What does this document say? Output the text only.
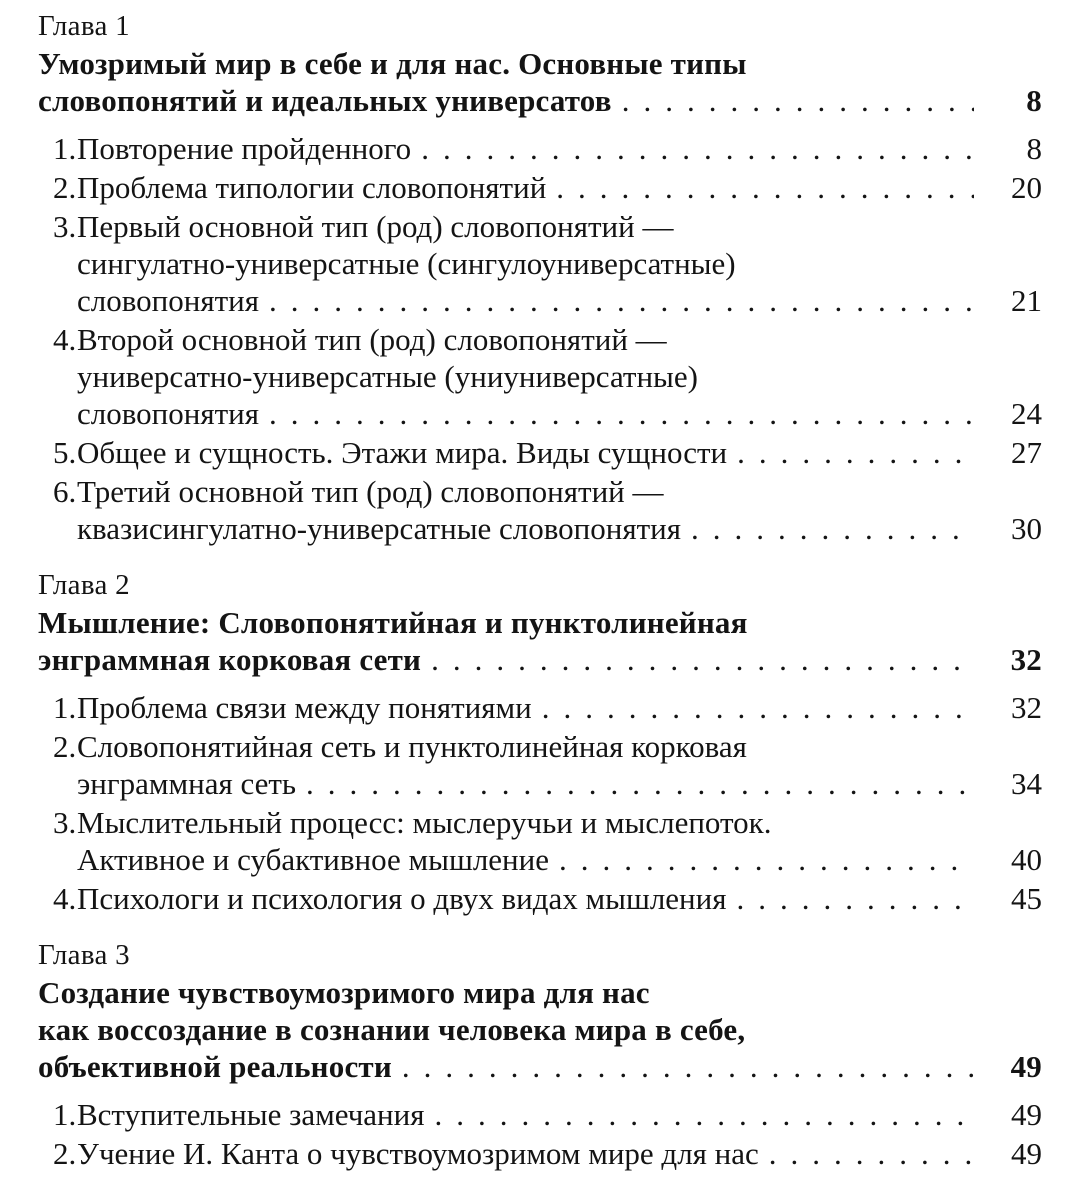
Глава 1
Умозримый мир в себе и для нас. Основные типы
словопонятий и идеальных универсатов .....	8
1. Повторение пройденного .....	8
2. Проблема типологии словопонятий .....	20
3. Первый основной тип (род) словопонятий —
сингулатно-универсатные (сингулоуниверсатные)
словопонятия .....	21
4. Второй основной тип (род) словопонятий —
универсатно-универсатные (униуниверсатные)
словопонятия .....	24
5. Общее и сущность. Этажи мира. Виды сущности .....	27
6. Третий основной тип (род) словопонятий —
квазисингулатно-универсатные словопонятия .....	30
Глава 2
Мышление: Словопонятийная и пунктолинейная
энграммная корковая сети .....	32
1. Проблема связи между понятиями .....	32
2. Словопонятийная сеть и пунктолинейная корковая
энграммная сеть .....	34
3. Мыслительный процесс: мыслеручьи и мыслепоток.
Активное и субактивное мышление .....	40
4. Психологи и психология о двух видах мышления .....	45
Глава 3
Создание чувствоумозримого мира для нас
как воссоздание в сознании человека мира в себе,
объективной реальности .....	49
1. Вступительные замечания .....	49
2. Учение И. Канта о чувствоумозримом мире для нас .....	49
